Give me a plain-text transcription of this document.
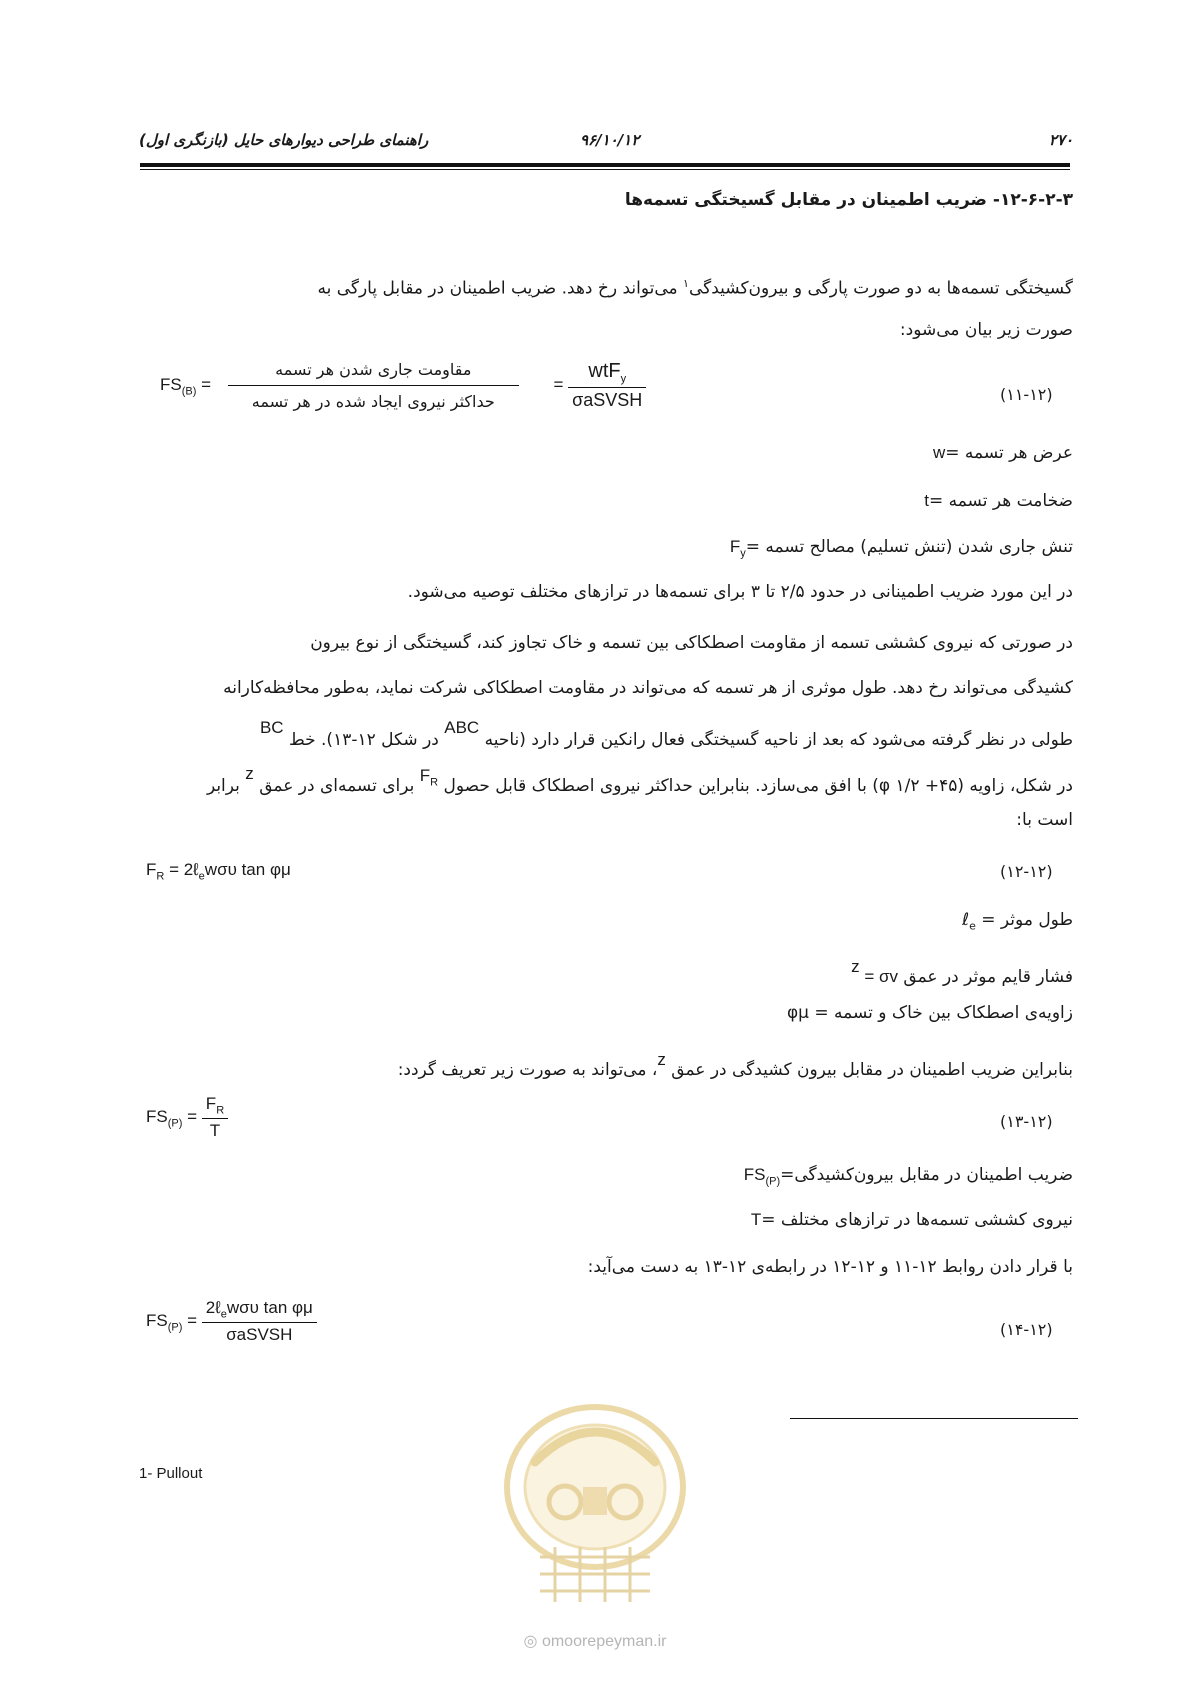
۲۷۰
۹۶/۱۰/۱۲
راهنمای طراحی دیوارهای حایل (بازنگری اول)
۱۲-۶-۲-۳- ضریب اطمینان در مقابل گسیختگی تسمه‌ها
گسیختگی تسمه‌ها به دو صورت پارگی و بیرون‌کشیدگی$^۱$ می‌تواند رخ دهد. ضریب اطمینان در مقابل پارگی به
صورت زیر بیان می‌شود:
(۱۱-۱۲)
$FS_{(B)} = \frac{\text{مقاومت جاری شدن هر تسمه}}{\text{حداکثر نیروی ایجاد شده در هر تسمه}} = \frac{wtF_y}{\text{σaSVSH}}$
w= عرض هر تسمه
t= ضخامت هر تسمه
$F_y=$ تنش جاری شدن (تنش تسلیم) مصالح تسمه
در این مورد ضریب اطمینانی در حدود ۲/۵ تا ۳ برای تسمه‌ها در ترازهای مختلف توصیه می‌شود.
در صورتی که نیروی کششی تسمه از مقاومت اصطکاکی بین تسمه و خاک تجاوز کند، گسیختگی از نوع بیرون
کشیدگی می‌تواند رخ دهد. طول موثری از هر تسمه که می‌تواند در مقاومت اصطکاکی شرکت نماید، به‌طور محافظه‌کارانه
طولی در نظر گرفته می‌شود که بعد از ناحیه گسیختگی فعال رانکین قرار دارد (ناحیه $^{ABC}$ در شکل ۱۲-۱۳). خط $^{BC}$
در شکل، زاویه (۴۵+ φ ۱/۲) با افق می‌سازد. بنابراین حداکثر نیروی اصطکاک قابل حصول $^{F_R}$ برای تسمه‌ای در عمق $^z$ برابر
است با:
(۱۲-۱۲)
$F_R$ = 2ℓ$_e$wσυ tan φμ
طول موثر = ℓ$_e$
فشار قایم موثر در عمق $^z$ = σv
زاویه‌ی اصطکاک بین خاک و تسمه = φμ
بنابراین ضریب اطمینان در مقابل بیرون کشیدگی در عمق $^z$، می‌تواند به صورت زیر تعریف گردد:
(۱۳-۱۲)
$FS_{(P)} = \frac{F_R}{T}$
$FS_{(P)}=ضریب$ اطمینان در مقابل بیرون‌کشیدگی
T= نیروی کششی تسمه‌ها در ترازهای مختلف
با قرار دادن روابط ۱۲-۱۱ و ۱۲-۱۲ در رابطه‌ی ۱۲-۱۳ به دست می‌آید:
(۱۴-۱۲)
$FS_{(P)} = \frac{2\ell_ew\sigma\upsilon \tan \varphi\mu}{\text{σaSVSH}}$
1- Pullout
◎ omoorepeyman.ir
